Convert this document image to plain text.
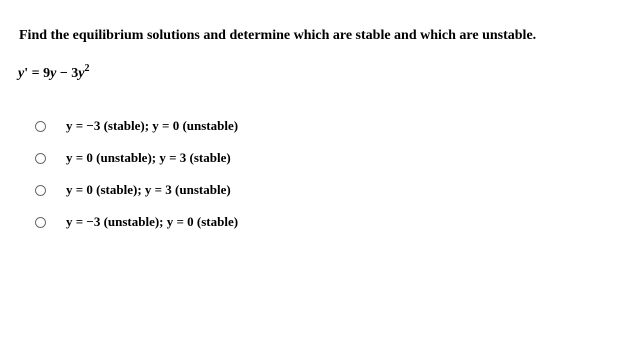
Find the equilibrium solutions and determine which are stable and which are unstable.
$y' = 9y - 3y^2$
y = −3 (stable); y = 0 (unstable)
y = 0 (unstable); y = 3 (stable)
y = 0 (stable); y = 3 (unstable)
y = −3 (unstable); y = 0 (stable)
